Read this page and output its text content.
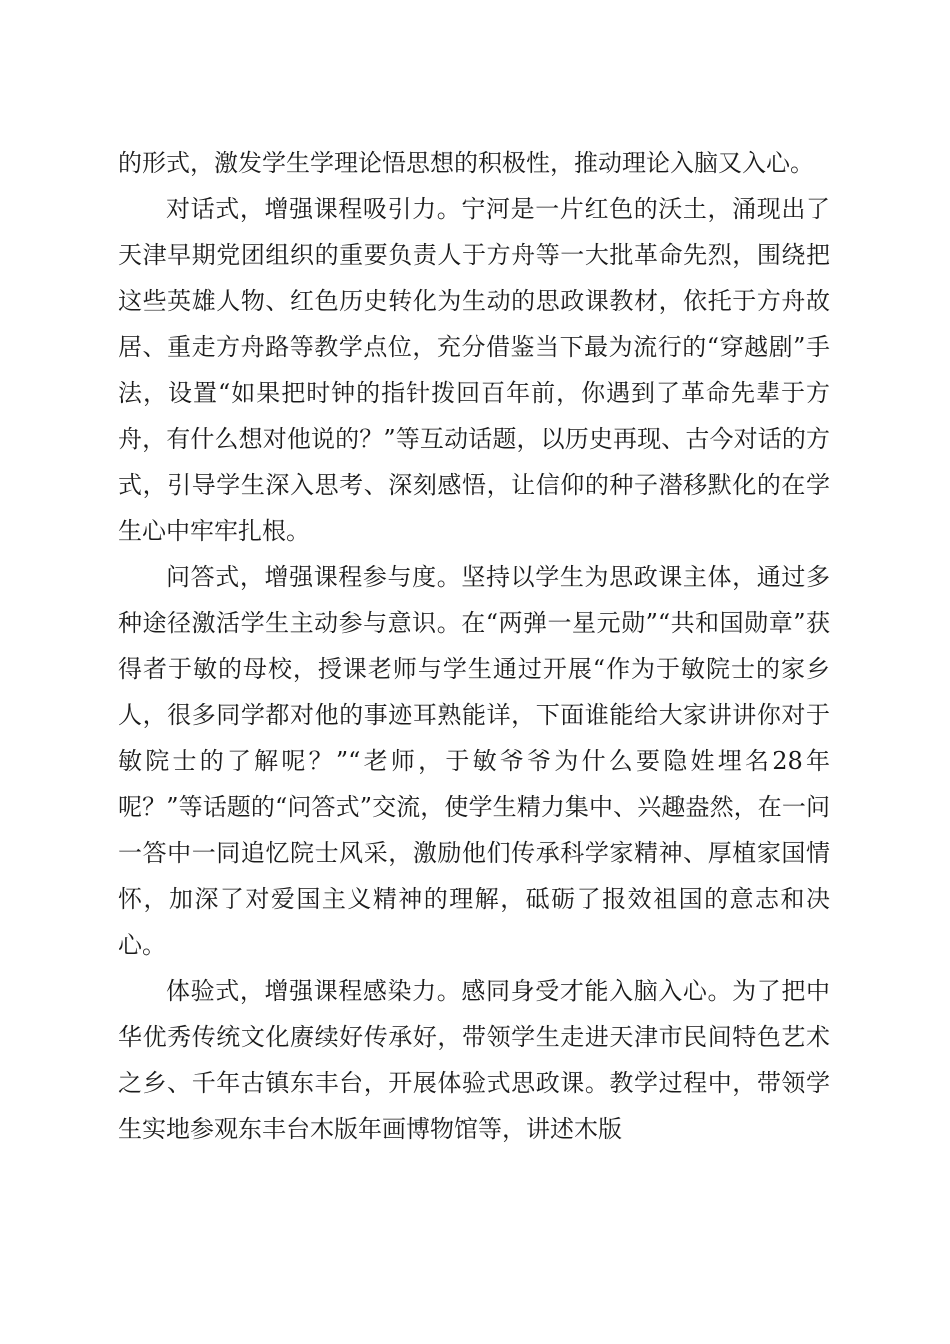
的形式，激发学生学理论悟思想的积极性，推动理论入脑又入心。

对话式，增强课程吸引力。宁河是一片红色的沃土，涌现出了天津早期党团组织的重要负责人于方舟等一大批革命先烈，围绕把这些英雄人物、红色历史转化为生动的思政课教材，依托于方舟故居、重走方舟路等教学点位，充分借鉴当下最为流行的“穿越剧”手法，设置“如果把时钟的指针拨回百年前，你遇到了革命先辈于方舟，有什么想对他说的？”等互动话题，以历史再现、古今对话的方式，引导学生深入思考、深刻感悟，让信仰的种子潜移默化的在学生心中牢牢扎根。

问答式，增强课程参与度。坚持以学生为思政课主体，通过多种途径激活学生主动参与意识。在“两弹一星元勋”“共和国勋章”获得者于敏的母校，授课老师与学生通过开展“作为于敏院士的家乡人，很多同学都对他的事迹耳熟能详，下面谁能给大家讲讲你对于敏院士的了解呢？”“老师，于敏爷爷为什么要隐姓埋名28年呢？”等话题的“问答式”交流，使学生精力集中、兴趣盎然，在一问一答中一同追忆院士风采，激励他们传承科学家精神、厚植家国情怀，加深了对爱国主义精神的理解，砥砺了报效祖国的意志和决心。

体验式，增强课程感染力。感同身受才能入脑入心。为了把中华优秀传统文化赓续好传承好，带领学生走进天津市民间特色艺术之乡、千年古镇东丰台，开展体验式思政课。教学过程中，带领学生实地参观东丰台木版年画博物馆等，讲述木版
